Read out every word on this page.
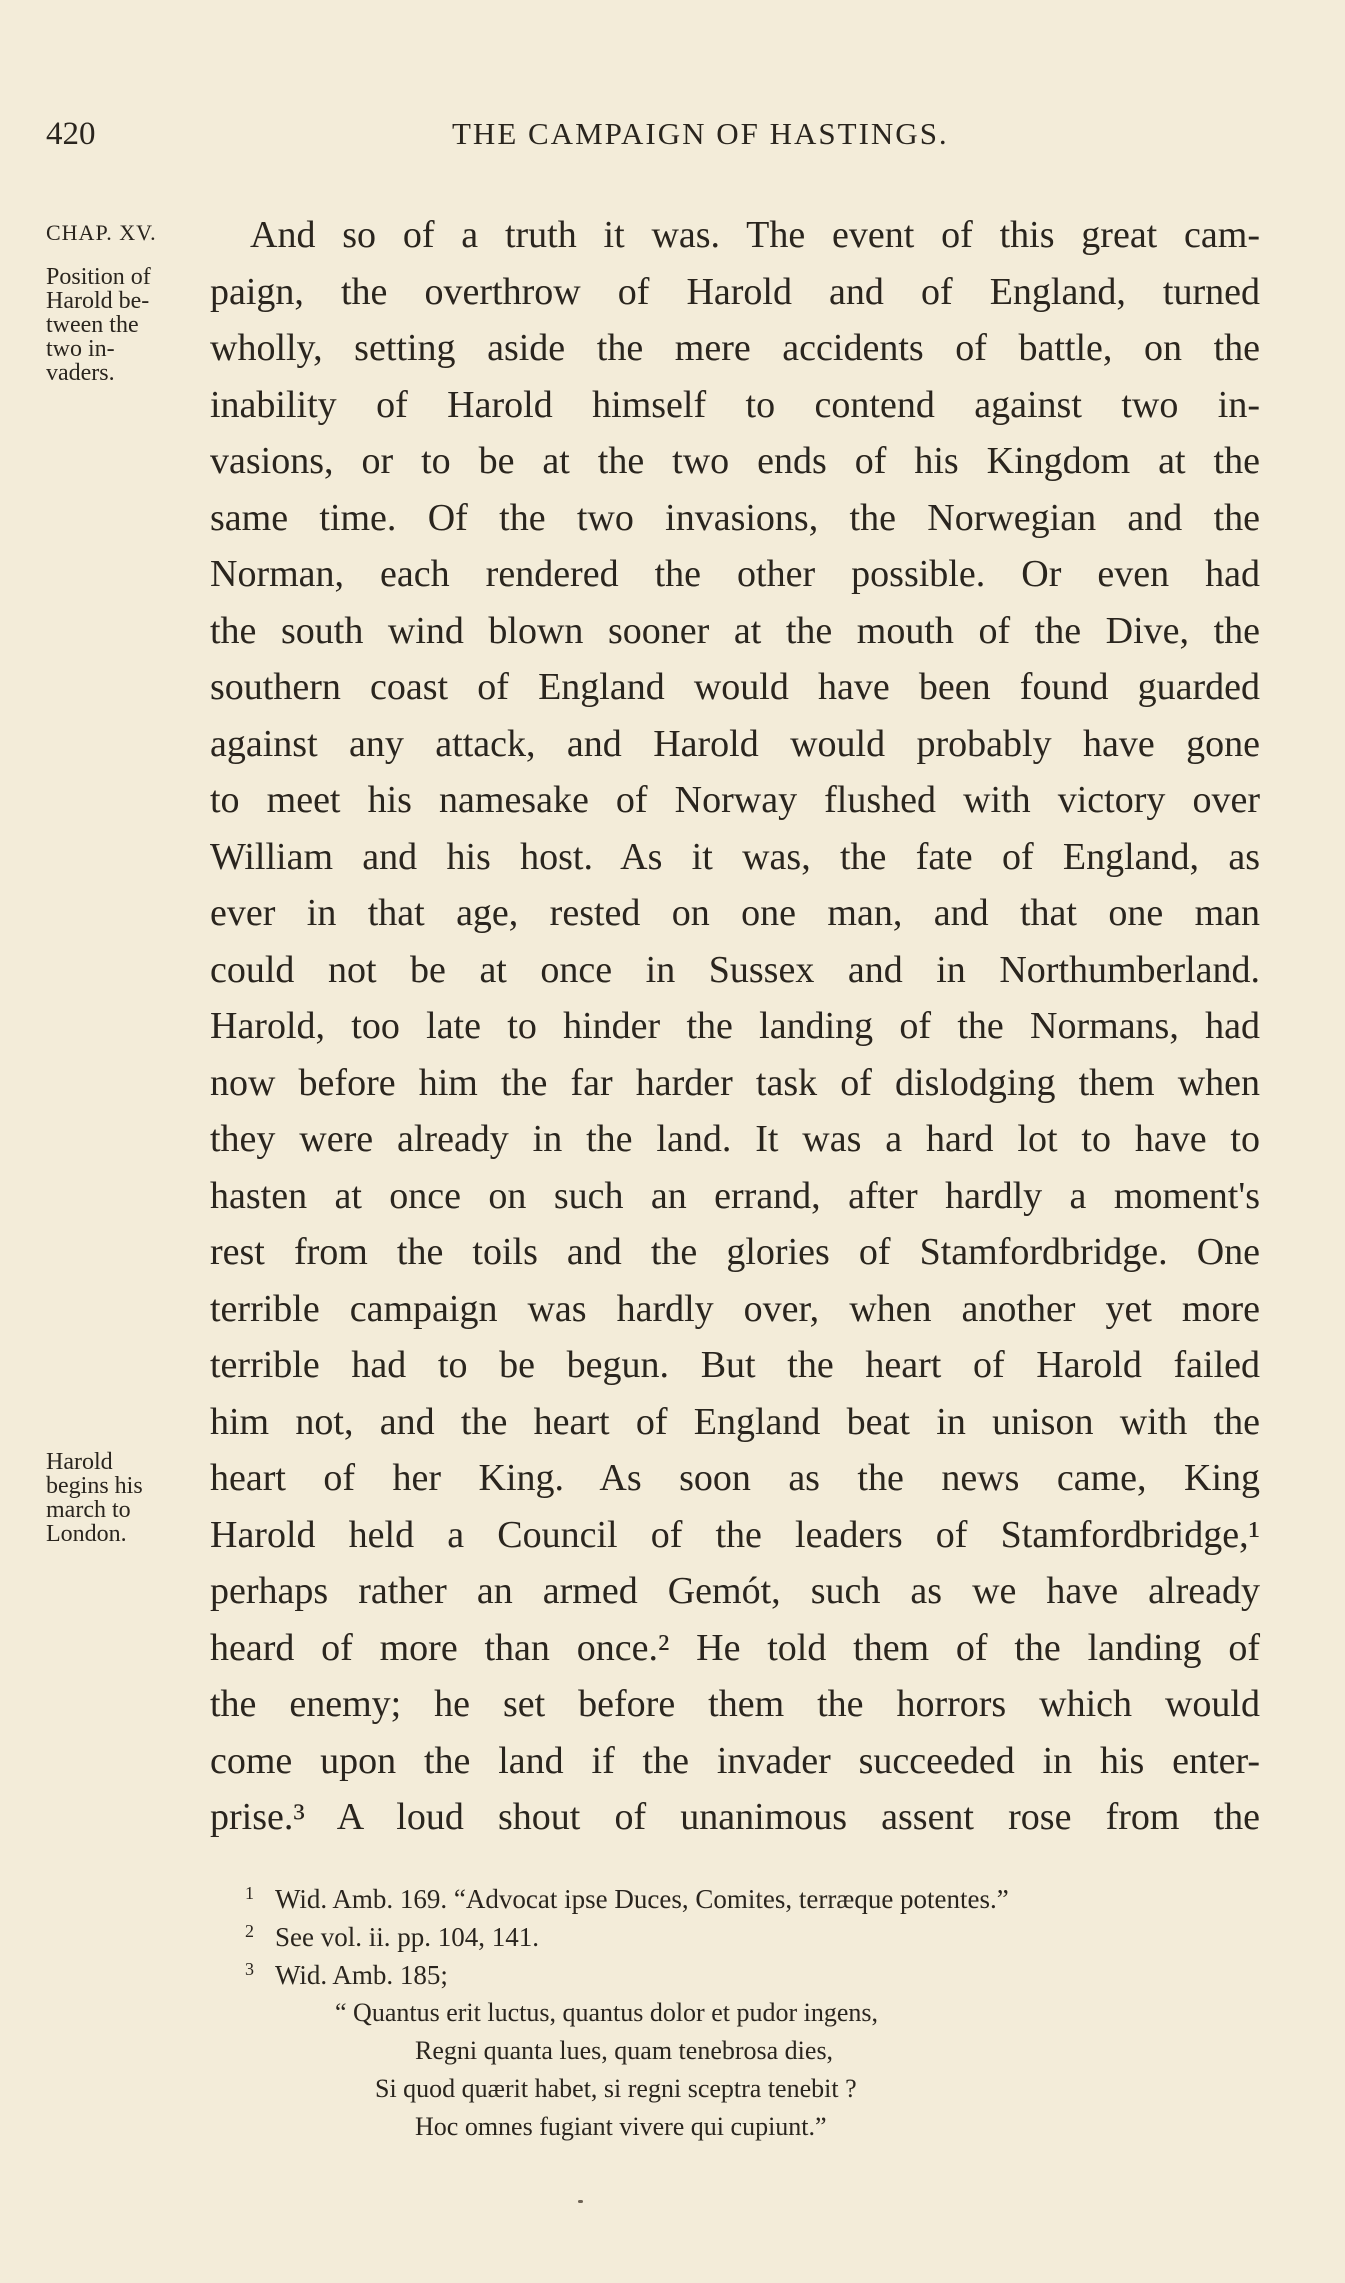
420	THE CAMPAIGN OF HASTINGS.
CHAP. XV.
Position of
Harold be-
tween the
two in-
vaders.
Harold
begins his
march to
London.
And so of a truth it was. The event of this great cam-
paign, the overthrow of Harold and of England, turned
wholly, setting aside the mere accidents of battle, on the
inability of Harold himself to contend against two in-
vasions, or to be at the two ends of his Kingdom at the
same time. Of the two invasions, the Norwegian and the
Norman, each rendered the other possible. Or even had
the south wind blown sooner at the mouth of the Dive, the
southern coast of England would have been found guarded
against any attack, and Harold would probably have gone
to meet his namesake of Norway flushed with victory over
William and his host. As it was, the fate of England, as
ever in that age, rested on one man, and that one man
could not be at once in Sussex and in Northumberland.
Harold, too late to hinder the landing of the Normans, had
now before him the far harder task of dislodging them when
they were already in the land. It was a hard lot to have to
hasten at once on such an errand, after hardly a moment's
rest from the toils and the glories of Stamfordbridge. One
terrible campaign was hardly over, when another yet more
terrible had to be begun. But the heart of Harold failed
him not, and the heart of England beat in unison with the
heart of her King. As soon as the news came, King
Harold held a Council of the leaders of Stamfordbridge,¹
perhaps rather an armed Gemót, such as we have already
heard of more than once.² He told them of the landing of
the enemy; he set before them the horrors which would
come upon the land if the invader succeeded in his enter-
prise.³ A loud shout of unanimous assent rose from the
1 Wid. Amb. 169. “Advocat ipse Duces, Comites, terræque potentes.”
2 See vol. ii. pp. 104, 141.
3 Wid. Amb. 185;
“ Quantus erit luctus, quantus dolor et pudor ingens,
Regni quanta lues, quam tenebrosa dies,
Si quod quærit habet, si regni sceptra tenebit ?
Hoc omnes fugiant vivere qui cupiunt.”
